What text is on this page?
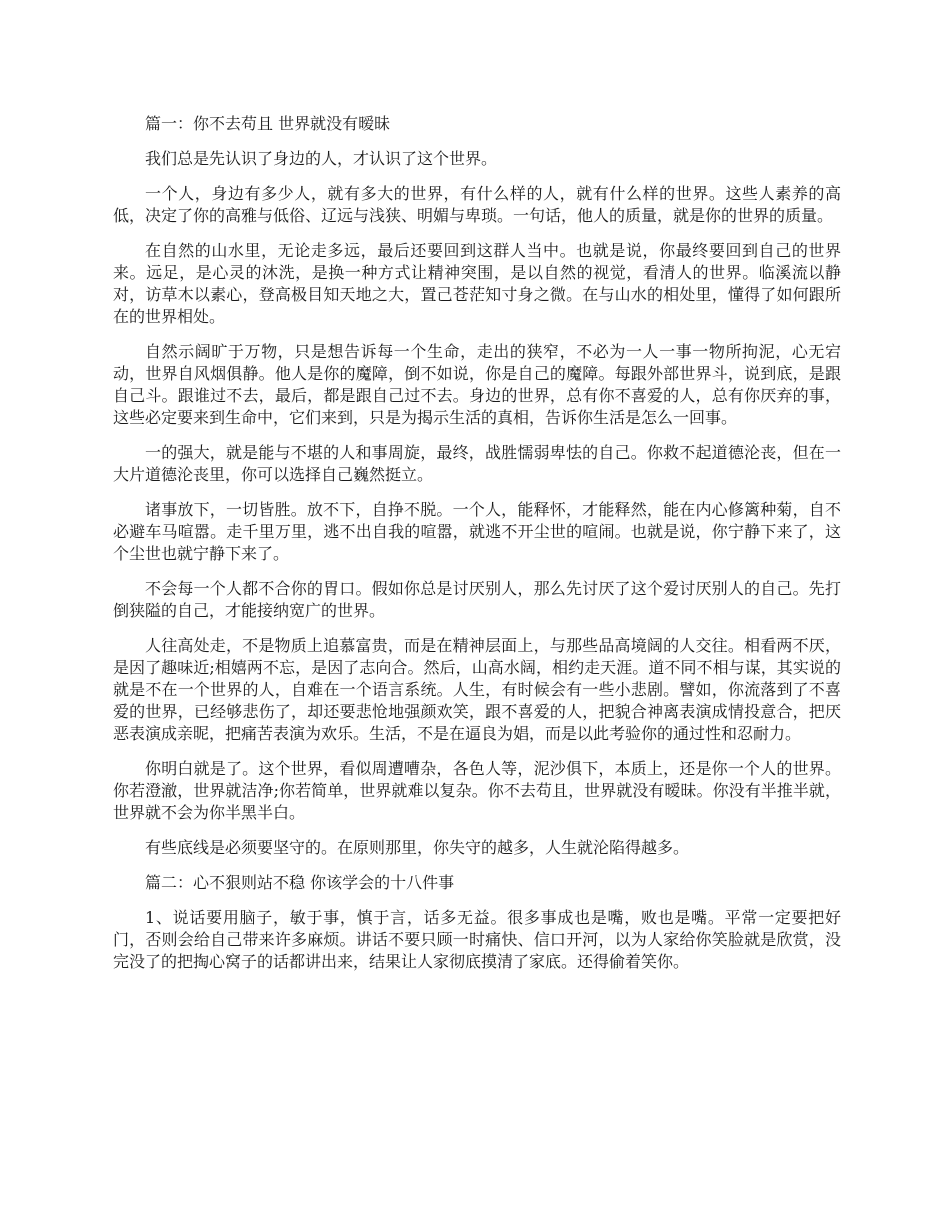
篇一：你不去苟且 世界就没有暧昧

我们总是先认识了身边的人，才认识了这个世界。

一个人，身边有多少人，就有多大的世界，有什么样的人，就有什么样的世界。这些人素养的高低，决定了你的高雅与低俗、辽远与浅狭、明媚与卑琐。一句话，他人的质量，就是你的世界的质量。

在自然的山水里，无论走多远，最后还要回到这群人当中。也就是说，你最终要回到自己的世界来。远足，是心灵的沐洗，是换一种方式让精神突围，是以自然的视觉，看清人的世界。临溪流以静对，访草木以素心，登高极目知天地之大，置己苍茫知寸身之微。在与山水的相处里，懂得了如何跟所在的世界相处。

自然示阔旷于万物，只是想告诉每一个生命，走出的狭窄，不必为一人一事一物所拘泥，心无宕动，世界自风烟俱静。他人是你的魔障，倒不如说，你是自己的魔障。每跟外部世界斗，说到底，是跟自己斗。跟谁过不去，最后，都是跟自己过不去。身边的世界，总有你不喜爱的人，总有你厌弃的事，这些必定要来到生命中，它们来到，只是为揭示生活的真相，告诉你生活是怎么一回事。

一的强大，就是能与不堪的人和事周旋，最终，战胜懦弱卑怯的自己。你救不起道德沦丧，但在一大片道德沦丧里，你可以选择自己巍然挺立。

诸事放下，一切皆胜。放不下，自挣不脱。一个人，能释怀，才能释然，能在内心修篱种菊，自不必避车马喧嚣。走千里万里，逃不出自我的喧嚣，就逃不开尘世的喧闹。也就是说，你宁静下来了，这个尘世也就宁静下来了。

不会每一个人都不合你的胃口。假如你总是讨厌别人，那么先讨厌了这个爱讨厌别人的自己。先打倒狭隘的自己，才能接纳宽广的世界。

人往高处走，不是物质上追慕富贵，而是在精神层面上，与那些品高境阔的人交往。相看两不厌，是因了趣味近;相嬉两不忘，是因了志向合。然后，山高水阔，相约走天涯。道不同不相与谋，其实说的就是不在一个世界的人，自难在一个语言系统。人生，有时候会有一些小悲剧。譬如，你流落到了不喜爱的世界，已经够悲伤了，却还要悲怆地强颜欢笑，跟不喜爱的人，把貌合神离表演成情投意合，把厌恶表演成亲昵，把痛苦表演为欢乐。生活，不是在逼良为娼，而是以此考验你的通过性和忍耐力。

你明白就是了。这个世界，看似周遭嘈杂，各色人等，泥沙俱下，本质上，还是你一个人的世界。你若澄澈，世界就洁净;你若简单，世界就难以复杂。你不去苟且，世界就没有暧昧。你没有半推半就，世界就不会为你半黑半白。

有些底线是必须要坚守的。在原则那里，你失守的越多，人生就沦陷得越多。

篇二：心不狠则站不稳 你该学会的十八件事

1、说话要用脑子，敏于事，慎于言，话多无益。很多事成也是嘴，败也是嘴。平常一定要把好门，否则会给自己带来许多麻烦。讲话不要只顾一时痛快、信口开河，以为人家给你笑脸就是欣赏，没完没了的把掏心窝子的话都讲出来，结果让人家彻底摸清了家底。还得偷着笑你。
